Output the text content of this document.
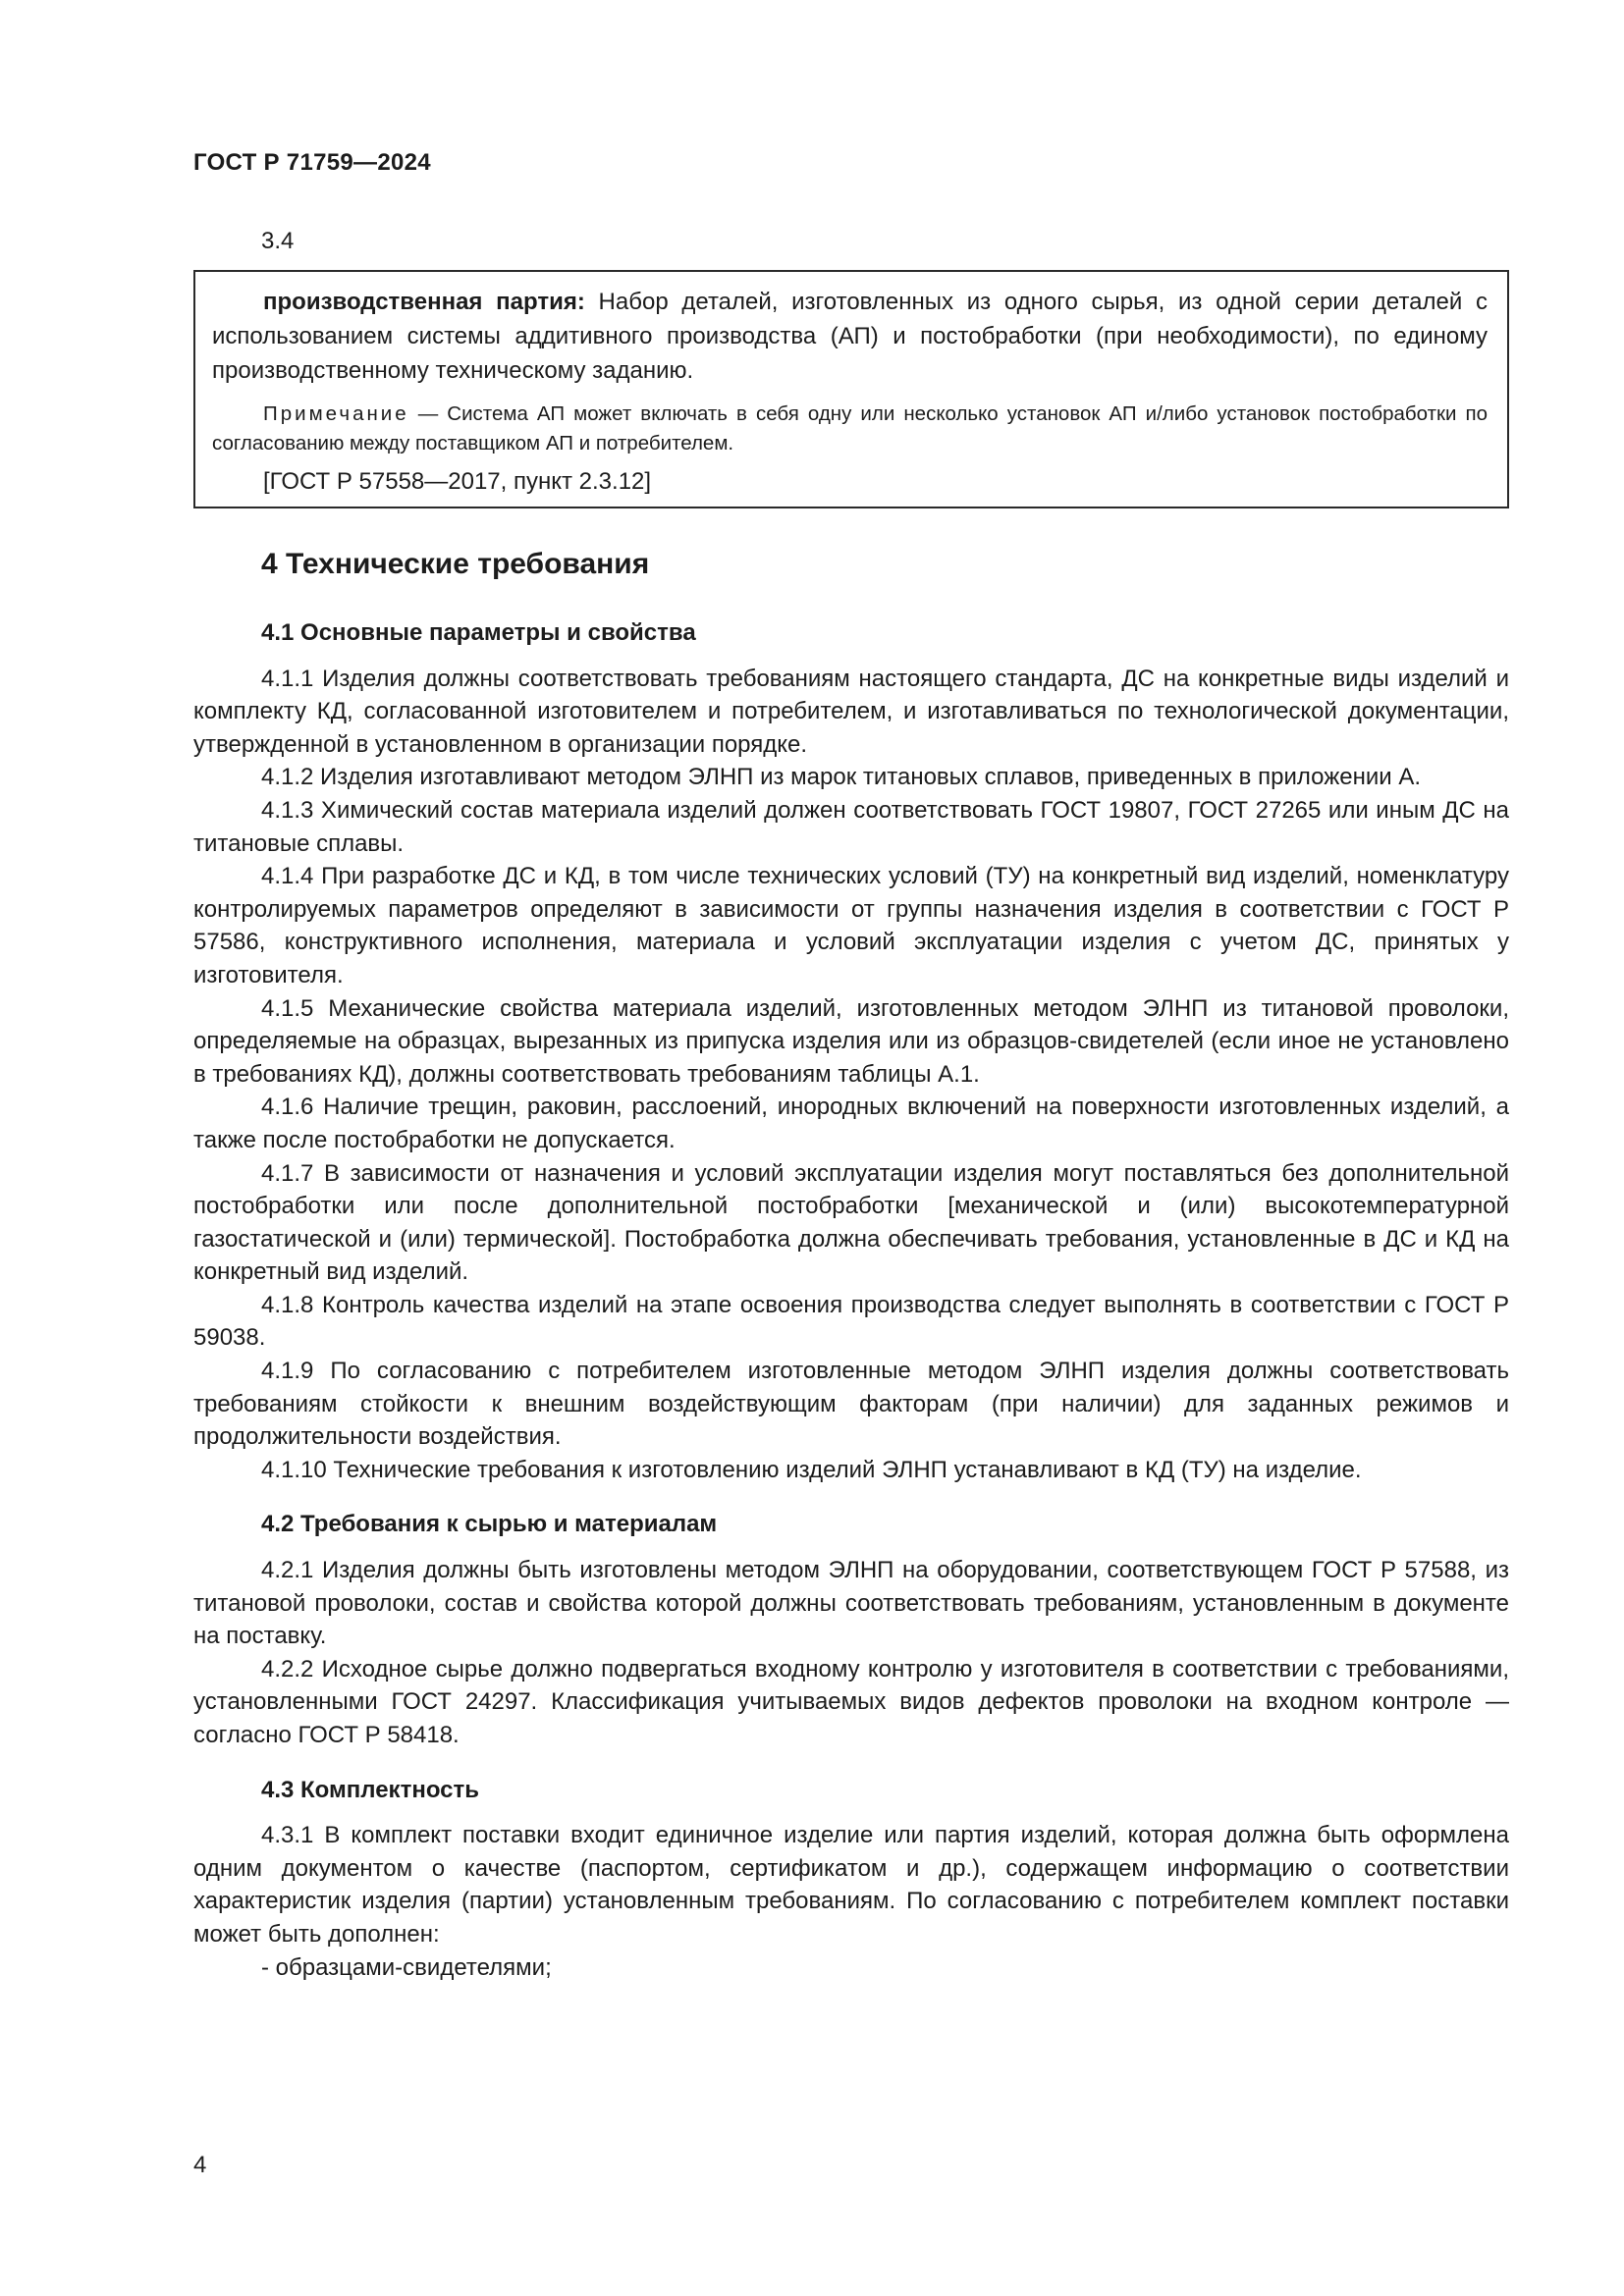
ГОСТ Р 71759—2024
3.4
производственная партия: Набор деталей, изготовленных из одного сырья, из одной серии деталей с использованием системы аддитивного производства (АП) и постобработки (при необходимости), по единому производственному техническому заданию.
Примечание — Система АП может включать в себя одну или несколько установок АП и/либо установок постобработки по согласованию между поставщиком АП и потребителем.
[ГОСТ Р 57558—2017, пункт 2.3.12]
4 Технические требования
4.1 Основные параметры и свойства
4.1.1 Изделия должны соответствовать требованиям настоящего стандарта, ДС на конкретные виды изделий и комплекту КД, согласованной изготовителем и потребителем, и изготавливаться по технологической документации, утвержденной в установленном в организации порядке.
4.1.2 Изделия изготавливают методом ЭЛНП из марок титановых сплавов, приведенных в приложении А.
4.1.3 Химический состав материала изделий должен соответствовать ГОСТ 19807, ГОСТ 27265 или иным ДС на титановые сплавы.
4.1.4 При разработке ДС и КД, в том числе технических условий (ТУ) на конкретный вид изделий, номенклатуру контролируемых параметров определяют в зависимости от группы назначения изделия в соответствии с ГОСТ Р 57586, конструктивного исполнения, материала и условий эксплуатации изделия с учетом ДС, принятых у изготовителя.
4.1.5 Механические свойства материала изделий, изготовленных методом ЭЛНП из титановой проволоки, определяемые на образцах, вырезанных из припуска изделия или из образцов-свидетелей (если иное не установлено в требованиях КД), должны соответствовать требованиям таблицы А.1.
4.1.6 Наличие трещин, раковин, расслоений, инородных включений на поверхности изготовленных изделий, а также после постобработки не допускается.
4.1.7 В зависимости от назначения и условий эксплуатации изделия могут поставляться без дополнительной постобработки или после дополнительной постобработки [механической и (или) высокотемпературной газостатической и (или) термической]. Постобработка должна обеспечивать требования, установленные в ДС и КД на конкретный вид изделий.
4.1.8 Контроль качества изделий на этапе освоения производства следует выполнять в соответствии с ГОСТ Р 59038.
4.1.9 По согласованию с потребителем изготовленные методом ЭЛНП изделия должны соответствовать требованиям стойкости к внешним воздействующим факторам (при наличии) для заданных режимов и продолжительности воздействия.
4.1.10 Технические требования к изготовлению изделий ЭЛНП устанавливают в КД (ТУ) на изделие.
4.2 Требования к сырью и материалам
4.2.1 Изделия должны быть изготовлены методом ЭЛНП на оборудовании, соответствующем ГОСТ Р 57588, из титановой проволоки, состав и свойства которой должны соответствовать требованиям, установленным в документе на поставку.
4.2.2 Исходное сырье должно подвергаться входному контролю у изготовителя в соответствии с требованиями, установленными ГОСТ 24297. Классификация учитываемых видов дефектов проволоки на входном контроле — согласно ГОСТ Р 58418.
4.3 Комплектность
4.3.1 В комплект поставки входит единичное изделие или партия изделий, которая должна быть оформлена одним документом о качестве (паспортом, сертификатом и др.), содержащем информацию о соответствии характеристик изделия (партии) установленным требованиям. По согласованию с потребителем комплект поставки может быть дополнен:
- образцами-свидетелями;
4
